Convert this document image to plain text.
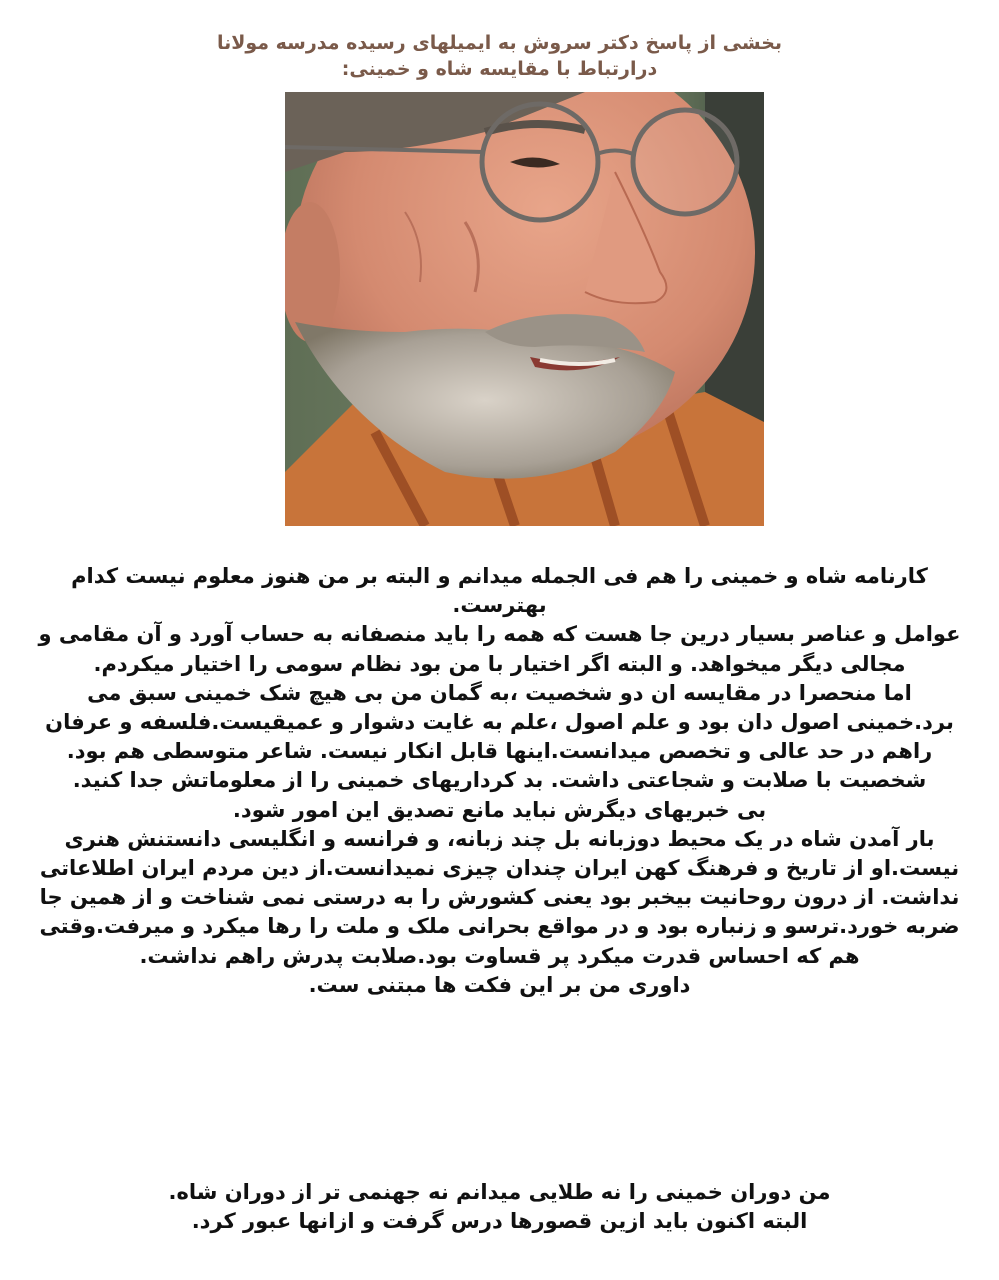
بخشی از پاسخ دکتر سروش به ایمیلهای رسیده مدرسه مولانا
درارتباط با مقایسه شاه و خمینی:

کارنامه شاه و خمینی را هم فی الجمله میدانم و البته بر من هنوز معلوم نیست کدام بهترست.

عوامل و عناصر بسیار درین جا هست که همه را باید منصفانه به حساب آورد و آن مقامی و مجالی دیگر میخواهد. و البته اگر اختیار با من بود نظام سومی را اختیار میکردم.

اما منحصرا در مقایسه ان دو شخصیت ،به گمان من بی هیچ شک خمینی سبق می برد.خمینی اصول دان بود و علم اصول ،علم به غایت دشوار و عمیقیست.فلسفه و عرفان راهم در حد عالی و تخصص میدانست.اینها قابل انکار نیست. شاعر متوسطی هم بود. شخصیت با صلابت و شجاعتی داشت. بد کرداریهای خمینی را از معلوماتش جدا کنید.

بی خبریهای دیگرش نباید مانع تصدیق این امور شود.

بار آمدن شاه در یک محیط دوزبانه بل چند زبانه، و فرانسه و انگلیسی دانستنش هنری نیست.او از تاریخ و فرهنگ کهن ایران چندان چیزی نمیدانست.از دین مردم ایران اطلاعاتی نداشت. از درون روحانیت بیخبر بود یعنی کشورش را به درستی نمی شناخت و از همین جا ضربه خورد.ترسو و زنباره بود و در مواقع بحرانی ملک و ملت را رها میکرد و میرفت.وقتی هم که احساس قدرت میکرد پر قساوت بود.صلابت پدرش راهم نداشت.

داوری من بر این فکت ها مبتنی ست.

من دوران خمینی را نه طلایی میدانم نه جهنمی تر از دوران شاه.
البته اکنون باید ازین قصورها درس گرفت و ازانها عبور کرد.
